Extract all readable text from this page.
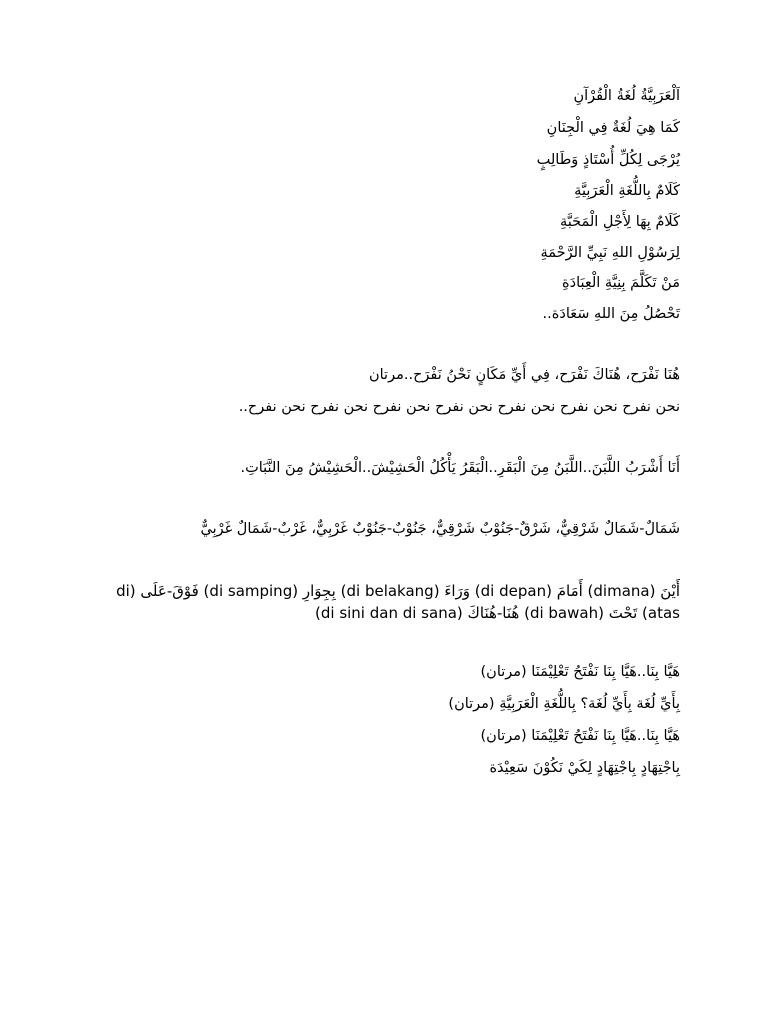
اَلْعَرَبِيَّةُ لُغَةُ الْقُرْآنِ
كَمَا هِيَ لُغَةٌ فِي الْجِنَانِ
يُرْجَى لِكُلِّ أُسْتَاذٍ وَطَالِبٍ
كَلَامٌ بِاللُّغَةِ الْعَرَبِيَّةِ
كَلَامٌ بِهَا لِأَجْلِ الْمَحَبَّةِ
لِرَسُوْلِ اللهِ نَبِيِّ الرَّحْمَةِ
مَنْ تَكَلَّمَ بِنِيَّةِ الْعِبَادَةِ
تَحْصُلُ مِنَ اللهِ سَعَادَة..
هُنَا نَفْرَح، هُنَاكَ نَفْرَح، فِي أَيِّ مَكَانٍ نَحْنُ نَفْرَح..مرتان
نحن نفرح نحن نفرح نحن نفرح نحن نفرح نحن نفرح نحن نفرح نحن نفرح..
أَنَا أَشْرَبُ اللَّبَنَ..اللَّبَنُ مِنَ الْبَقَرِ..الْبَقَرُ يَأْكُلُ الْحَشِيْشَ..الْحَشِيْشُ مِنَ النَّبَاتِ.
شَمَالٌ-شَمَالٌ شَرْقِيٌّ، شَرْقٌ-جَنُوْبٌ شَرْقِيٌّ، جَنُوْبٌ-جَنُوْبٌ غَرْبِيٌّ، غَرْبٌ-شَمَالٌ غَرْبِيٌّ
أَيْنَ (dimana) أَمَامَ (di depan) وَرَاءَ (di belakang) بِجِوَارِ (di samping) فَوْقَ-عَلَى (di
atas) تَحْتَ (di bawah) هُنَا-هُنَاكَ (di sini dan di sana)
هَيَّا بِنَا..هَيَّا بِنَا نَفْتَحُ تَعْلِيْمَنَا (مرتان)
بِأَيِّ لُغَة بِأَيِّ لُغَة؟ بِاللُّغَةِ الْعَرَبِيَّةِ (مرتان)
هَيَّا بِنَا..هَيَّا بِنَا نَفْتَحُ تَعْلِيْمَنَا (مرتان)
بِاجْتِهَادٍ بِاجْتِهَادٍ لِكَيْ نَكُوْنَ سَعِيْدَة
